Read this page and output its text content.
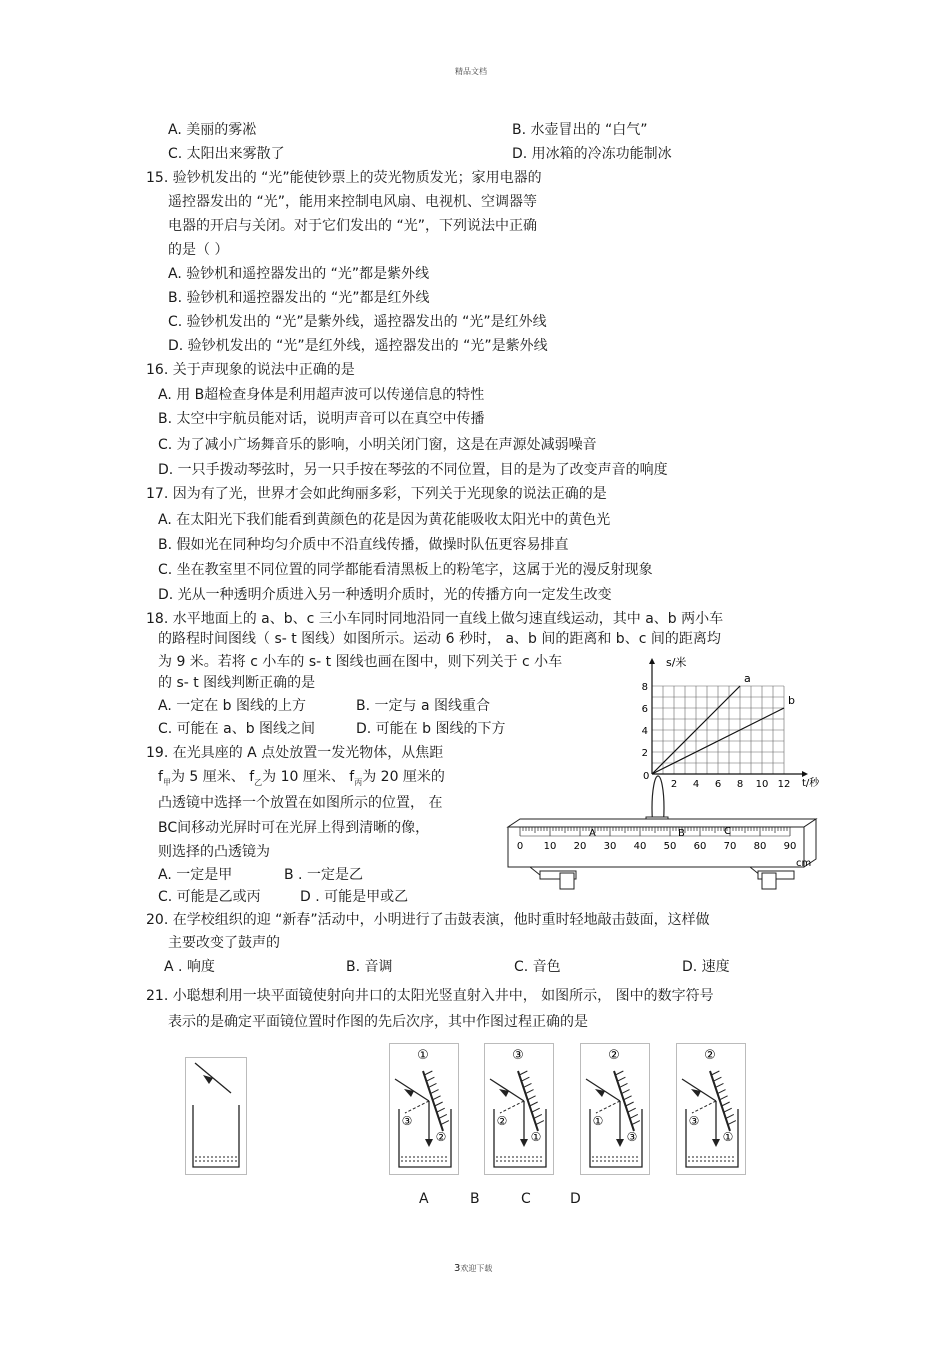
精品文档
A. 美丽的雾凇	B. 水壶冒出的 “白气”
C. 太阳出来雾散了	D. 用冰箱的冷冻功能制冰
15. 验钞机发出的 “光”能使钞票上的荧光物质发光；家用电器的
遥控器发出的 “光”，能用来控制电风扇、电视机、空调器等
电器的开启与关闭。对于它们发出的 “光”，下列说法中正确
的是（ ）
A. 验钞机和遥控器发出的 “光”都是紫外线
B. 验钞机和遥控器发出的 “光”都是红外线
C. 验钞机发出的 “光”是紫外线，遥控器发出的 “光”是红外线
D. 验钞机发出的 “光”是红外线，遥控器发出的 “光”是紫外线
16. 关于声现象的说法中正确的是
A. 用 B超检查身体是利用超声波可以传递信息的特性
B. 太空中宇航员能对话，说明声音可以在真空中传播
C. 为了减小广场舞音乐的影响，小明关闭门窗，这是在声源处减弱噪音
D. 一只手拨动琴弦时，另一只手按在琴弦的不同位置，目的是为了改变声音的响度
17. 因为有了光，世界才会如此绚丽多彩，下列关于光现象的说法正确的是
A. 在太阳光下我们能看到黄颜色的花是因为黄花能吸收太阳光中的黄色光
B. 假如光在同种均匀介质中不沿直线传播，做操时队伍更容易排直
C. 坐在教室里不同位置的同学都能看清黑板上的粉笔字，这属于光的漫反射现象
D. 光从一种透明介质进入另一种透明介质时，光的传播方向一定发生改变
18. 水平地面上的 a、b、c 三小车同时同地沿同一直线上做匀速直线运动，其中 a、b 两小车
的路程时间图线（ s- t 图线）如图所示。运动 6 秒时， a、b 间的距离和 b、c 间的距离均
为 9 米。若将 c 小车的 s- t 图线也画在图中，则下列关于 c 小车
的 s- t 图线判断正确的是
A. 一定在 b 图线的上方	B. 一定与 a 图线重合
C. 可能在 a、b 图线之间	D. 可能在 b 图线的下方
0
a
b
2 4 6 8 10 12
2
4
6
8
s/米
t/秒
19. 在光具座的 A 点处放置一发光物体，从焦距
$f_甲$为 5 厘米、 $f_乙$为 10 厘米、 $f_丙$为 20 厘米的
凸透镜中选择一个放置在如图所示的位置， 在
BC间移动光屏时可在光屏上得到清晰的像，
则选择的凸透镜为
A. 一定是甲	B . 一定是乙
C. 可能是乙或丙	D . 可能是甲或乙
0 10 20 30 40 50 60 70 80 90
cm
A	B	C
20. 在学校组织的迎 “新春”活动中，小明进行了击鼓表演，他时重时轻地敲击鼓面，这样做
主要改变了鼓声的
A . 响度	B. 音调	C. 音色	D. 速度
21. 小聪想利用一块平面镜使射向井口的太阳光竖直射入井中， 如图所示， 图中的数字符号
表示的是确定平面镜位置时作图的先后次序，其中作图过程正确的是
①
③
②
③
②
①
②
①
③
②
③
①
A	B	C	D
3欢迎下载
